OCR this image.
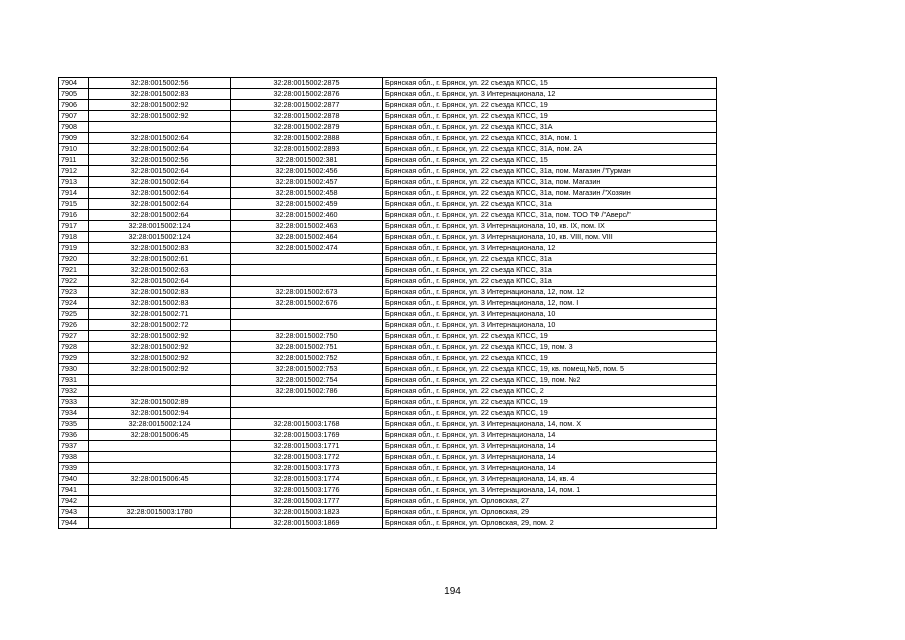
7904	32:28:0015002:56	32:28:0015002:2875	Брянская обл., г. Брянск, ул. 22 съезда КПСС, 15
7905	32:28:0015002:83	32:28:0015002:2876	Брянская обл., г. Брянск, ул. 3 Интернационала, 12
7906	32:28:0015002:92	32:28:0015002:2877	Брянская обл., г. Брянск, ул. 22 съезда КПСС, 19
7907	32:28:0015002:92	32:28:0015002:2878	Брянская обл., г. Брянск, ул. 22 съезда КПСС, 19
7908		32:28:0015002:2879	Брянская обл., г. Брянск, ул. 22 съезда КПСС, 31А
7909	32:28:0015002:64	32:28:0015002:2888	Брянская обл., г. Брянск, ул. 22 съезда КПСС, 31А, пом. 1
7910	32:28:0015002:64	32:28:0015002:2893	Брянская обл., г. Брянск, ул. 22 съезда КПСС, 31А, пом. 2А
7911	32:28:0015002:56	32:28:0015002:381	Брянская обл., г. Брянск, ул. 22 съезда КПСС, 15
7912	32:28:0015002:64	32:28:0015002:456	Брянская обл., г. Брянск, ул. 22 съезда КПСС, 31а, пом. Магазин /"Гурман
7913	32:28:0015002:64	32:28:0015002:457	Брянская обл., г. Брянск, ул. 22 съезда КПСС, 31а, пом. Магазин
7914	32:28:0015002:64	32:28:0015002:458	Брянская обл., г. Брянск, ул. 22 съезда КПСС, 31а, пом. Магазин /"Хозяин
7915	32:28:0015002:64	32:28:0015002:459	Брянская обл., г. Брянск, ул. 22 съезда КПСС, 31а
7916	32:28:0015002:64	32:28:0015002:460	Брянская обл., г. Брянск, ул. 22 съезда КПСС, 31а, пом. ТОО ТФ /"Аверс/"
7917	32:28:0015002:124	32:28:0015002:463	Брянская обл., г. Брянск, ул. 3 Интернационала, 10, кв. IX, пом. IX
7918	32:28:0015002:124	32:28:0015002:464	Брянская обл., г. Брянск, ул. 3 Интернационала, 10, кв. VIII, пом. VIII
7919	32:28:0015002:83	32:28:0015002:474	Брянская обл., г. Брянск, ул. 3 Интернационала, 12
7920	32:28:0015002:61		Брянская обл., г. Брянск, ул. 22 съезда КПСС, 31а
7921	32:28:0015002:63		Брянская обл., г. Брянск, ул. 22 съезда КПСС, 31а
7922	32:28:0015002:64		Брянская обл., г. Брянск, ул. 22 съезда КПСС, 31а
7923	32:28:0015002:83	32:28:0015002:673	Брянская обл., г. Брянск, ул. 3 Интернационала, 12, пом. 12
7924	32:28:0015002:83	32:28:0015002:676	Брянская обл., г. Брянск, ул. 3 Интернационала, 12, пом. I
7925	32:28:0015002:71		Брянская обл., г. Брянск, ул. 3 Интернационала, 10
7926	32:28:0015002:72		Брянская обл., г. Брянск, ул. 3 Интернационала, 10
7927	32:28:0015002:92	32:28:0015002:750	Брянская обл., г. Брянск, ул. 22 съезда КПСС, 19
7928	32:28:0015002:92	32:28:0015002:751	Брянская обл., г. Брянск, ул. 22 съезда КПСС, 19, пом. 3
7929	32:28:0015002:92	32:28:0015002:752	Брянская обл., г. Брянск, ул. 22 съезда КПСС, 19
7930	32:28:0015002:92	32:28:0015002:753	Брянская обл., г. Брянск, ул. 22 съезда КПСС, 19, кв. помещ.№5, пом. 5
7931		32:28:0015002:754	Брянская обл., г. Брянск, ул. 22 съезда КПСС, 19, пом. №2
7932		32:28:0015002:786	Брянская обл., г. Брянск, ул. 22 съезда КПСС, 2
7933	32:28:0015002:89		Брянская обл., г. Брянск, ул. 22 съезда КПСС, 19
7934	32:28:0015002:94		Брянская обл., г. Брянск, ул. 22 съезда КПСС, 19
7935	32:28:0015002:124	32:28:0015003:1768	Брянская обл., г. Брянск, ул. 3 Интернационала, 14, пом. X
7936	32:28:0015006:45	32:28:0015003:1769	Брянская обл., г. Брянск, ул. 3 Интернационала, 14
7937		32:28:0015003:1771	Брянская обл., г. Брянск, ул. 3 Интернационала, 14
7938		32:28:0015003:1772	Брянская обл., г. Брянск, ул. 3 Интернационала, 14
7939		32:28:0015003:1773	Брянская обл., г. Брянск, ул. 3 Интернационала, 14
7940	32:28:0015006:45	32:28:0015003:1774	Брянская обл., г. Брянск, ул. 3 Интернационала, 14, кв. 4
7941		32:28:0015003:1776	Брянская обл., г. Брянск, ул. 3 Интернационала, 14, пом. 1
7942		32:28:0015003:1777	Брянская обл., г. Брянск, ул. Орловская, 27
7943	32:28:0015003:1780	32:28:0015003:1823	Брянская обл., г. Брянск, ул. Орловская, 29
7944		32:28:0015003:1869	Брянская обл., г. Брянск, ул. Орловская, 29, пом. 2
194
